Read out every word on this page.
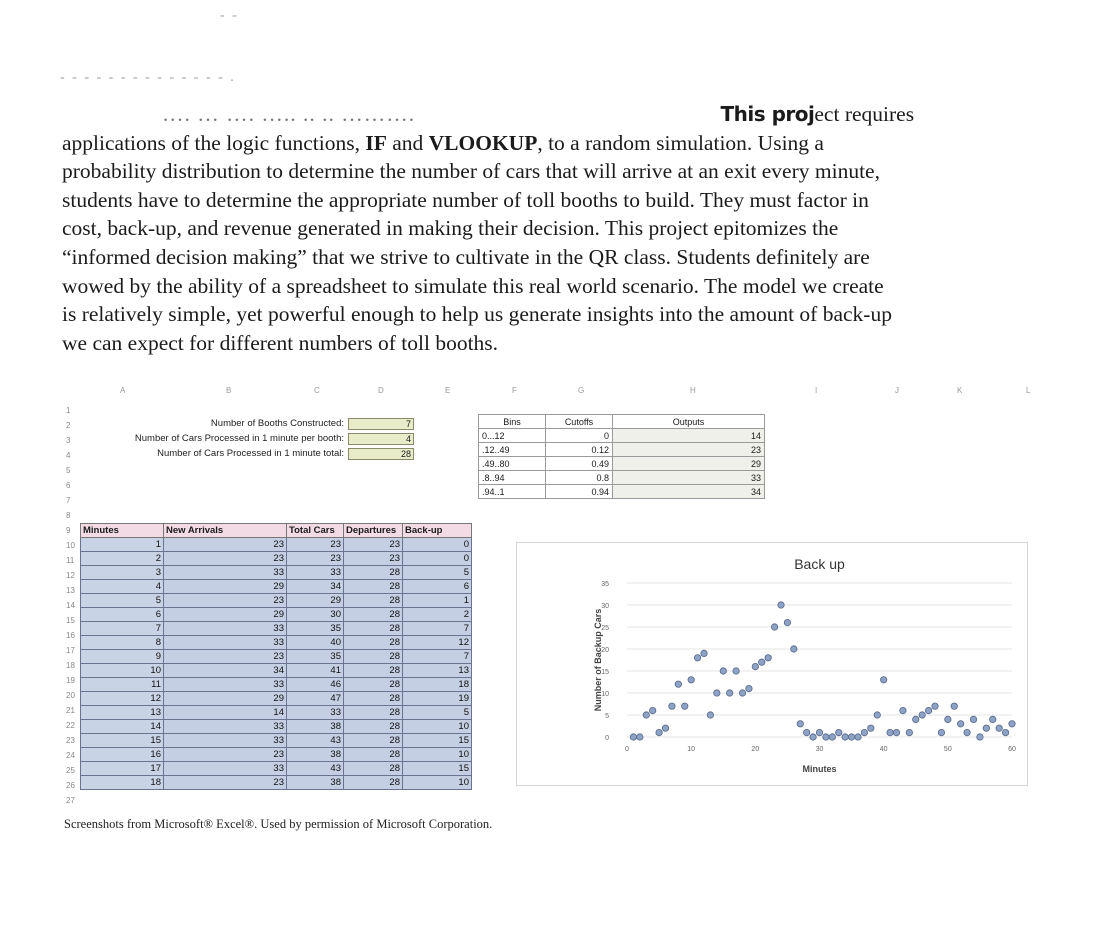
‐ ‐
‐ ‐ ‐ ‐ ‐ ‐ ‐ ‐ ‐ ‐ ‐ ‐ ‐ ‐ .
…. … …. ….. .. .. ……….	This project requires
applications of the logic functions, IF and VLOOKUP, to a random simulation. Using a
probability distribution to determine the number of cars that will arrive at an exit every minute,
students have to determine the appropriate number of toll booths to build. They must factor in
cost, back-up, and revenue generated in making their decision. This project epitomizes the
“informed decision making” that we strive to cultivate in the QR class. Students definitely are
wowed by the ability of a spreadsheet to simulate this real world scenario. The model we create
is relatively simple, yet powerful enough to help us generate insights into the amount of back-up
we can expect for different numbers of toll booths.
A	B	C	D	E	F	G	H	I	J	K	L
1
2
3
4
5
6
7
8
9
10
11
12
13
14
15
16
17
18
19
20
21
22
23
24
25
26
27
Number of Booths Constructed:	7
Number of Cars Processed in 1 minute per booth:	4
Number of Cars Processed in 1 minute total:	28
Bins	Cutoffs	Outputs
0...12	0	14
.12..49	0.12	23
.49..80	0.49	29
.8..94	0.8	33
.94..1	0.94	34
Minutes	New Arrivals	Total Cars	Departures	Back-up
1	23	23	23	0
2	23	23	23	0
3	33	33	28	5
4	29	34	28	6
5	23	29	28	1
6	29	30	28	2
7	33	35	28	7
8	33	40	28	12
9	23	35	28	7
10	34	41	28	13
11	33	46	28	18
12	29	47	28	19
13	14	33	28	5
14	33	38	28	10
15	33	43	28	15
16	23	38	28	10
17	33	43	28	15
18	23	38	28	10
0
5
10
15
20
25
30
35
0	10	20	30	40	50	60
Back up
Minutes
Number of Backup Cars
Screenshots from Microsoft® Excel®. Used by permission of Microsoft Corporation.
